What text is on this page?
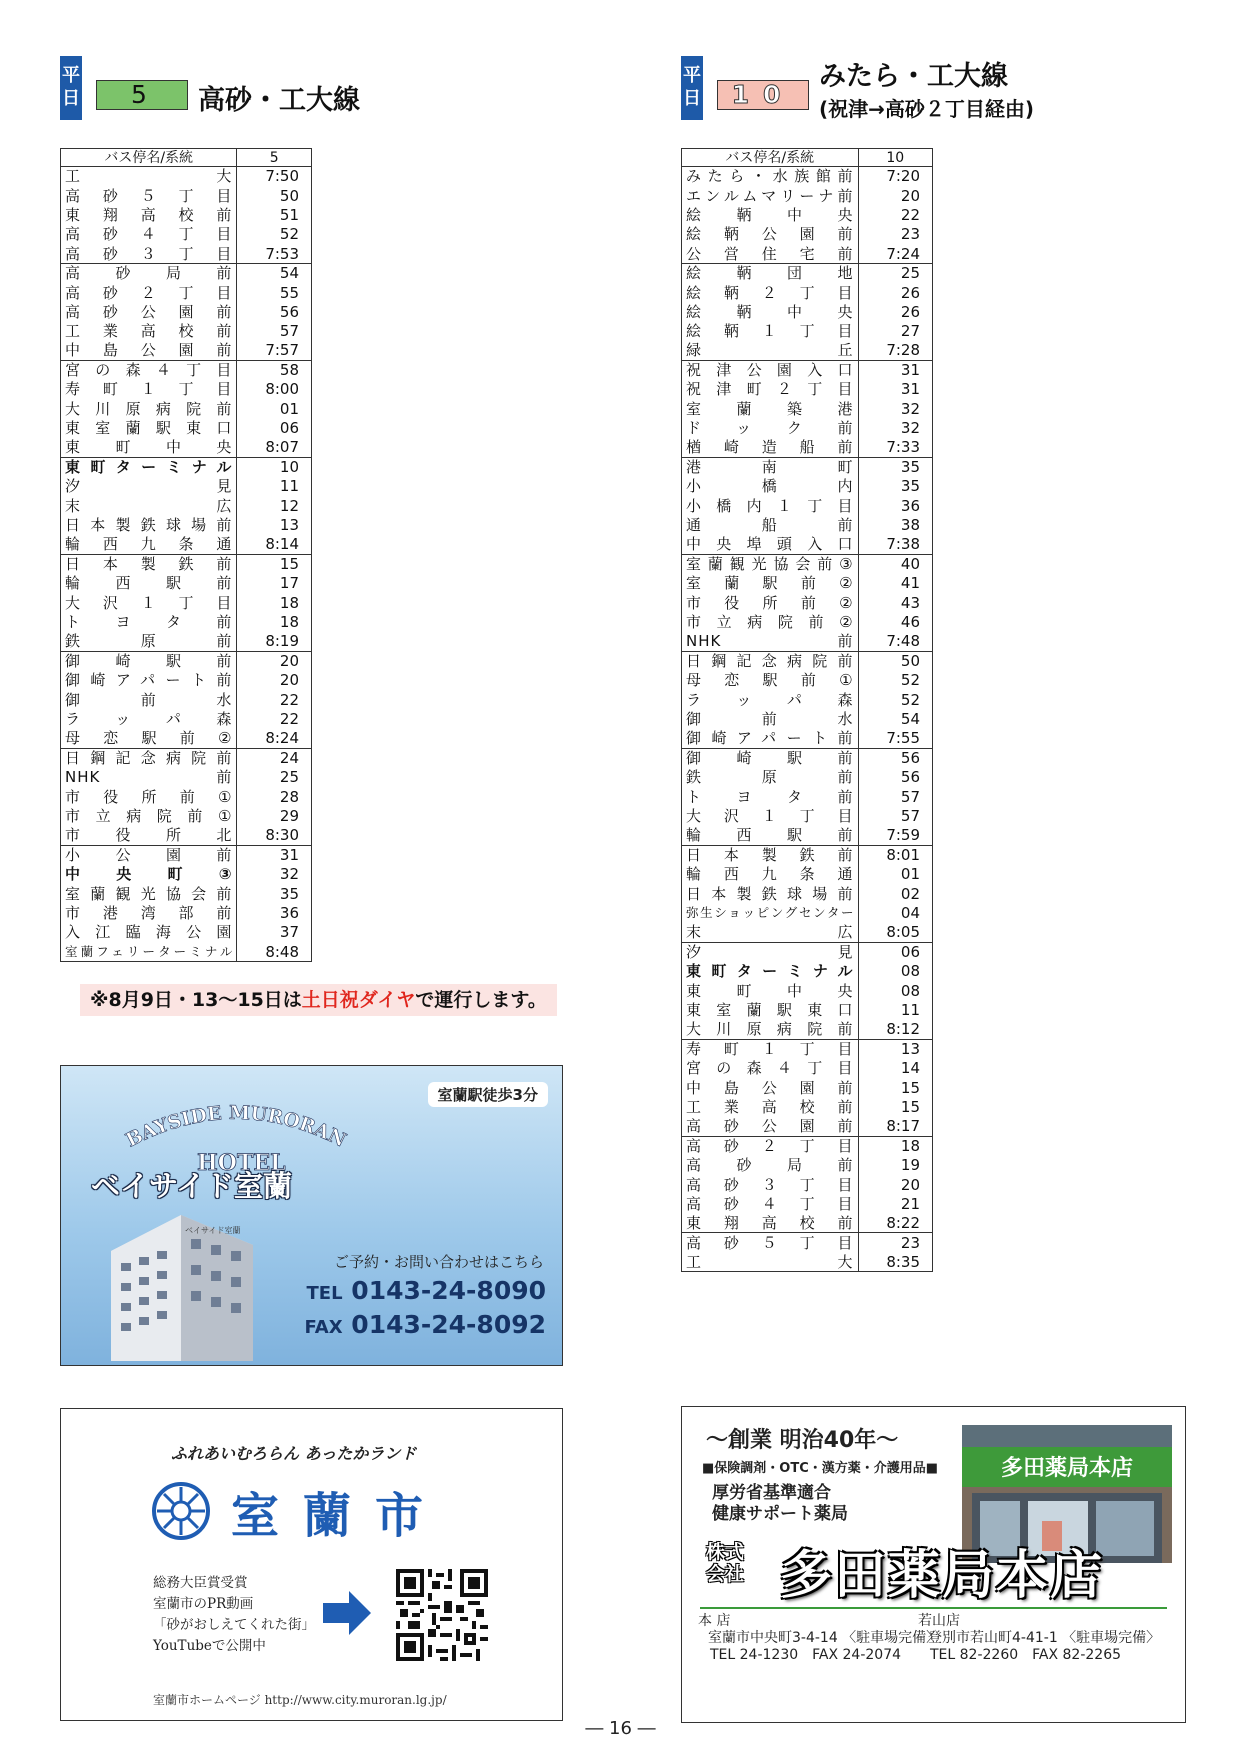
平日	5	高砂・工大線
バス停名/系統	5
工大	7:50
高砂５丁目	50
東翔高校前	51
高砂４丁目	52
高砂３丁目	7:53
高砂局前	54
高砂２丁目	55
高砂公園前	56
工業高校前	57
中島公園前	7:57
宮の森４丁目	58
寿町１丁目	8:00
大川原病院前	01
東室蘭駅東口	06
東町中央	8:07
東町ターミナル	10
汐見	11
末広	12
日本製鉄球場前	13
輪西九条通	8:14
日本製鉄前	15
輪西駅前	17
大沢１丁目	18
トヨタ前	18
鉄原前	8:19
御崎駅前	20
御崎アパート前	20
御前水	22
ラッパ森	22
母恋駅前②	8:24
日鋼記念病院前	24
NHK前	25
市役所前①	28
市立病院前①	29
市役所北	8:30
小公園前	31
中央町③	32
室蘭観光協会前	35
市港湾部前	36
入江臨海公園	37
室蘭フェリーターミナル	8:48
平日	10
みたら・工大線
(祝津→高砂２丁目経由)
バス停名/系統	10
みたら・水族館前	7:20
エンルムマリーナ前	20
絵鞆中央	22
絵鞆公園前	23
公営住宅前	7:24
絵鞆団地	25
絵鞆２丁目	26
絵鞆中央	26
絵鞆１丁目	27
緑丘	7:28
祝津公園入口	31
祝津町２丁目	31
室蘭築港	32
ドック前	32
楢崎造船前	7:33
港南町	35
小橋内	35
小橋内１丁目	36
通船前	38
中央埠頭入口	7:38
室蘭観光協会前③	40
室蘭駅前②	41
市役所前②	43
市立病院前②	46
NHK前	7:48
日鋼記念病院前	50
母恋駅前①	52
ラッパ森	52
御前水	54
御崎アパート前	7:55
御崎駅前	56
鉄原前	56
トヨタ前	57
大沢１丁目	57
輪西駅前	7:59
日本製鉄前	8:01
輪西九条通	01
日本製鉄球場前	02
弥生ショッピングセンター	04
末広	8:05
汐見	06
東町ターミナル	08
東町中央	08
東室蘭駅東口	11
大川原病院前	8:12
寿町１丁目	13
宮の森４丁目	14
中島公園前	15
工業高校前	15
高砂公園前	8:17
高砂２丁目	18
高砂局前	19
高砂３丁目	20
高砂４丁目	21
東翔高校前	8:22
高砂５丁目	23
工大	8:35
※8月9日・13〜15日は土日祝ダイヤで運行します。
室蘭駅徒歩3分
BAYSIDE MURORAN
HOTEL
ベイサイド室蘭
ベイサイド室蘭
ご予約・お問い合わせはこちら
TEL 0143-24-8090
FAX 0143-24-8092
ふれあいむろらん あったかランド
室蘭市
総務大臣賞受賞
室蘭市のPR動画
「砂がおしえてくれた街」
YouTubeで公開中
室蘭市ホームページ http://www.city.muroran.lg.jp/
〜創業 明治40年〜
■保険調剤・OTC・漢方薬・介護用品■
厚労省基準適合
健康サポート薬局
多田薬局本店
株式
会社 多田薬局本店
本 店
室蘭市中央町3-4-14 〈駐車場完備〉
TEL 24-1230　FAX 24-2074
若山店
登別市若山町4-41-1 〈駐車場完備〉
TEL 82-2260　FAX 82-2265
― 16 ―
